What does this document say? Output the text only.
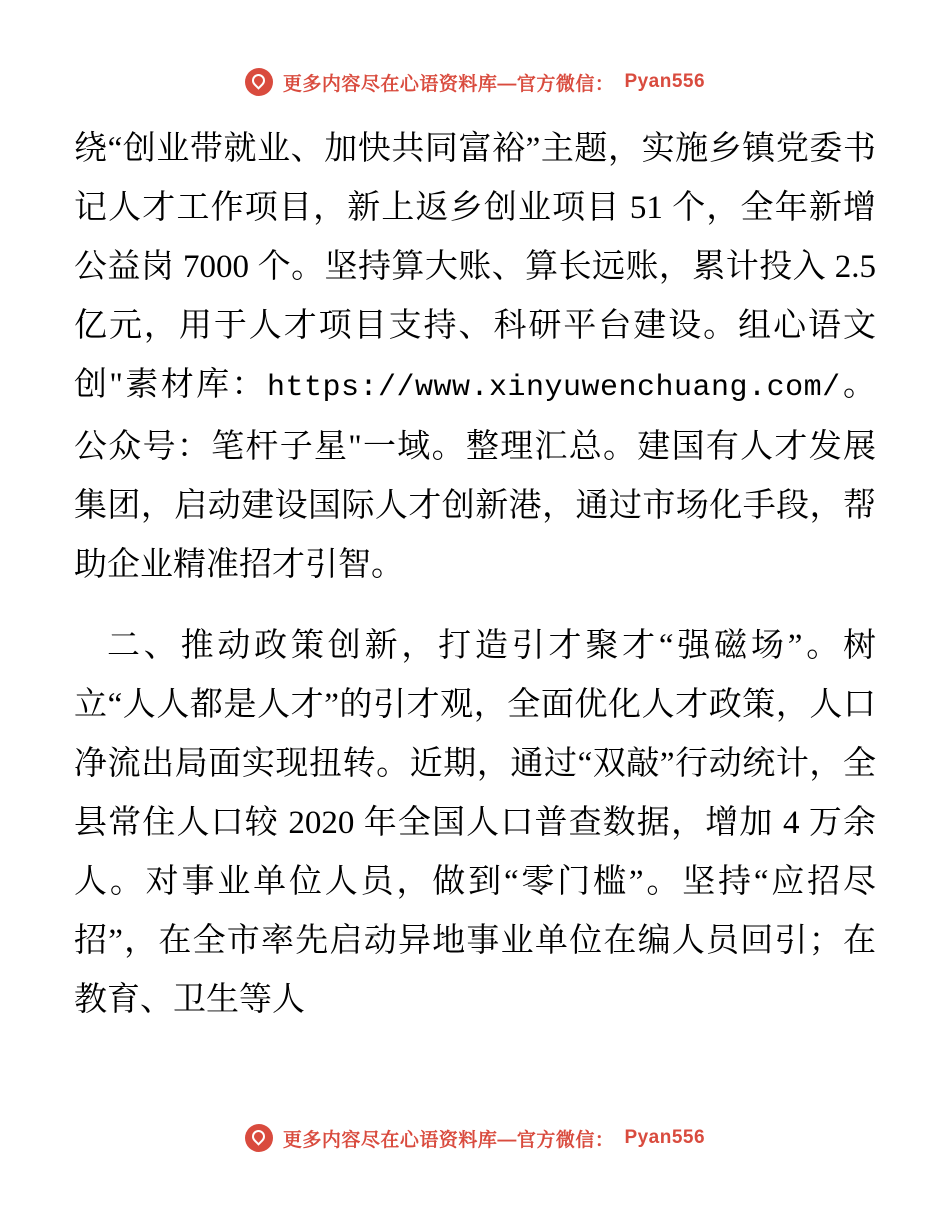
更多内容尽在心语资料库—官方微信： Pyan556

绕“创业带就业、加快共同富裕”主题，实施乡镇党委书记人才工作项目，新上返乡创业项目 51 个，全年新增公益岗 7000 个。坚持算大账、算长远账，累计投入 2.5 亿元，用于人才项目支持、科研平台建设。组心语文创"素材库：https://www.xinyuwenchuang.com/。公众号：笔杆子星"一域。整理汇总。建国有人才发展集团，启动建设国际人才创新港，通过市场化手段，帮助企业精准招才引智。

二、推动政策创新，打造引才聚才“强磁场”。树立“人人都是人才”的引才观，全面优化人才政策，人口净流出局面实现扭转。近期，通过“双敲”行动统计，全县常住人口较 2020 年全国人口普查数据，增加 4 万余人。对事业单位人员，做到“零门槛”。坚持“应招尽招”，在全市率先启动异地事业单位在编人员回引；在教育、卫生等人

更多内容尽在心语资料库—官方微信： Pyan556
